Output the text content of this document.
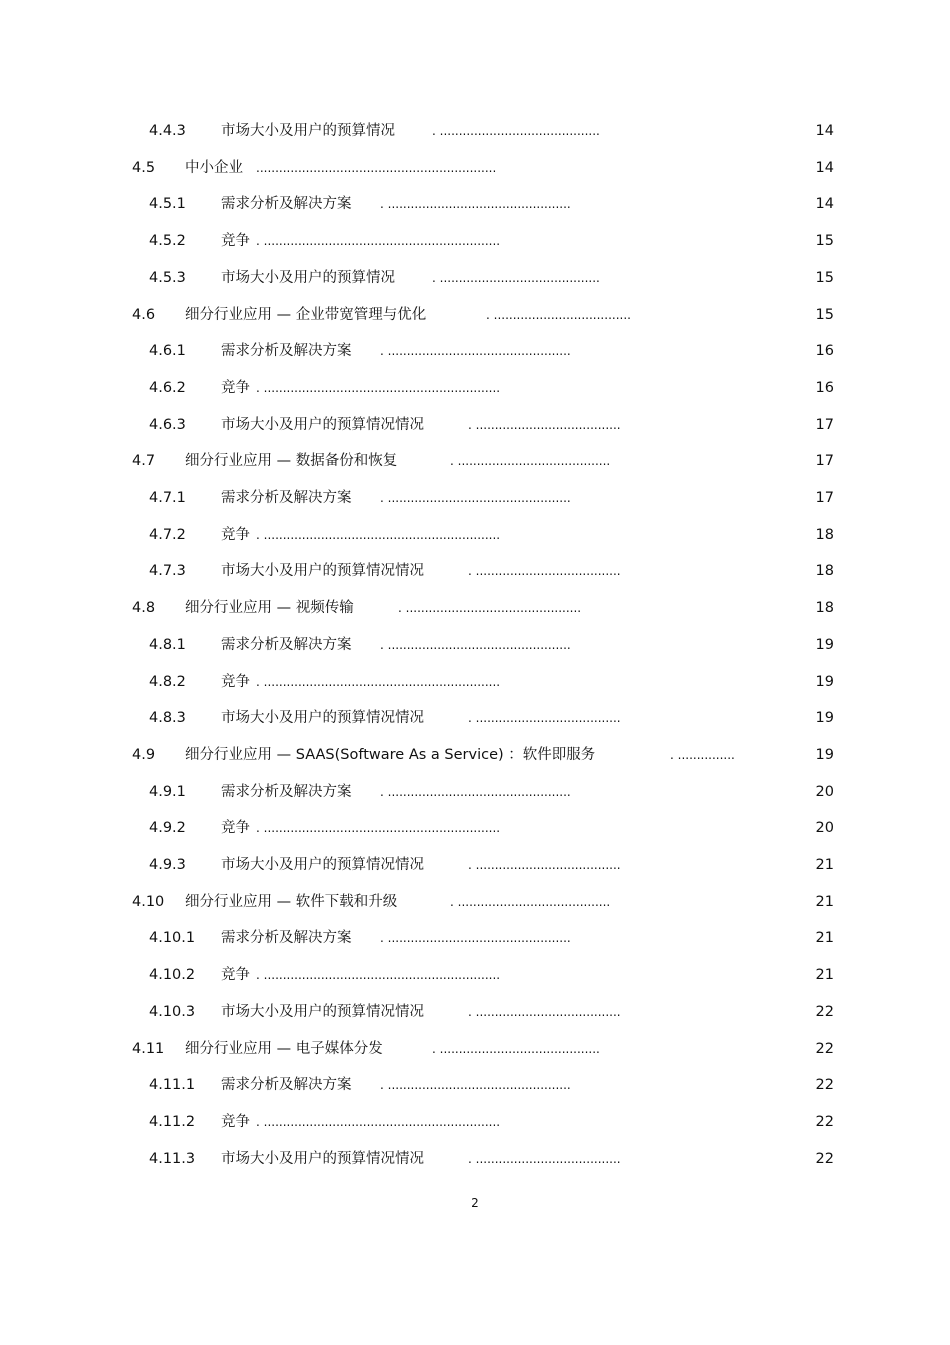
4.4.3 市场大小及用户的预算情况	. ..........................................	14
4.5 中小企业 ...............................................................	14
4.5.1 需求分析及解决方案 . ................................................	14
4.5.2 竞争 . ..............................................................	15
4.5.3 市场大小及用户的预算情况	. ..........................................	15
4.6 细分行业应用 — 企业带宽管理与优化	. ....................................	15
4.6.1 需求分析及解决方案 . ................................................	16
4.6.2 竞争 . ..............................................................	16
4.6.3 市场大小及用户的预算情况情况	. ......................................	17
4.7 细分行业应用 — 数据备份和恢复	. ........................................	17
4.7.1 需求分析及解决方案 . ................................................	17
4.7.2 竞争 . ..............................................................	18
4.7.3 市场大小及用户的预算情况情况	. ......................................	18
4.8 细分行业应用 — 视频传输	. ..............................................	18
4.8.1 需求分析及解决方案 . ................................................	19
4.8.2 竞争 . ..............................................................	19
4.8.3 市场大小及用户的预算情况情况	. ......................................	19
4.9 细分行业应用 — SAAS(Software As a Service) ：软件即服务	. ...............	19
4.9.1 需求分析及解决方案 . ................................................	20
4.9.2 竞争 . ..............................................................	20
4.9.3 市场大小及用户的预算情况情况	. ......................................	21
4.10 细分行业应用 — 软件下载和升级	. ........................................	21
4.10.1 需求分析及解决方案 . ................................................	21
4.10.2 竞争 . ..............................................................	21
4.10.3 市场大小及用户的预算情况情况	. ......................................	22
4.11 细分行业应用 — 电子媒体分发	. ..........................................	22
4.11.1 需求分析及解决方案 . ................................................	22
4.11.2 竞争 . ..............................................................	22
4.11.3 市场大小及用户的预算情况情况	. ......................................	22
2
